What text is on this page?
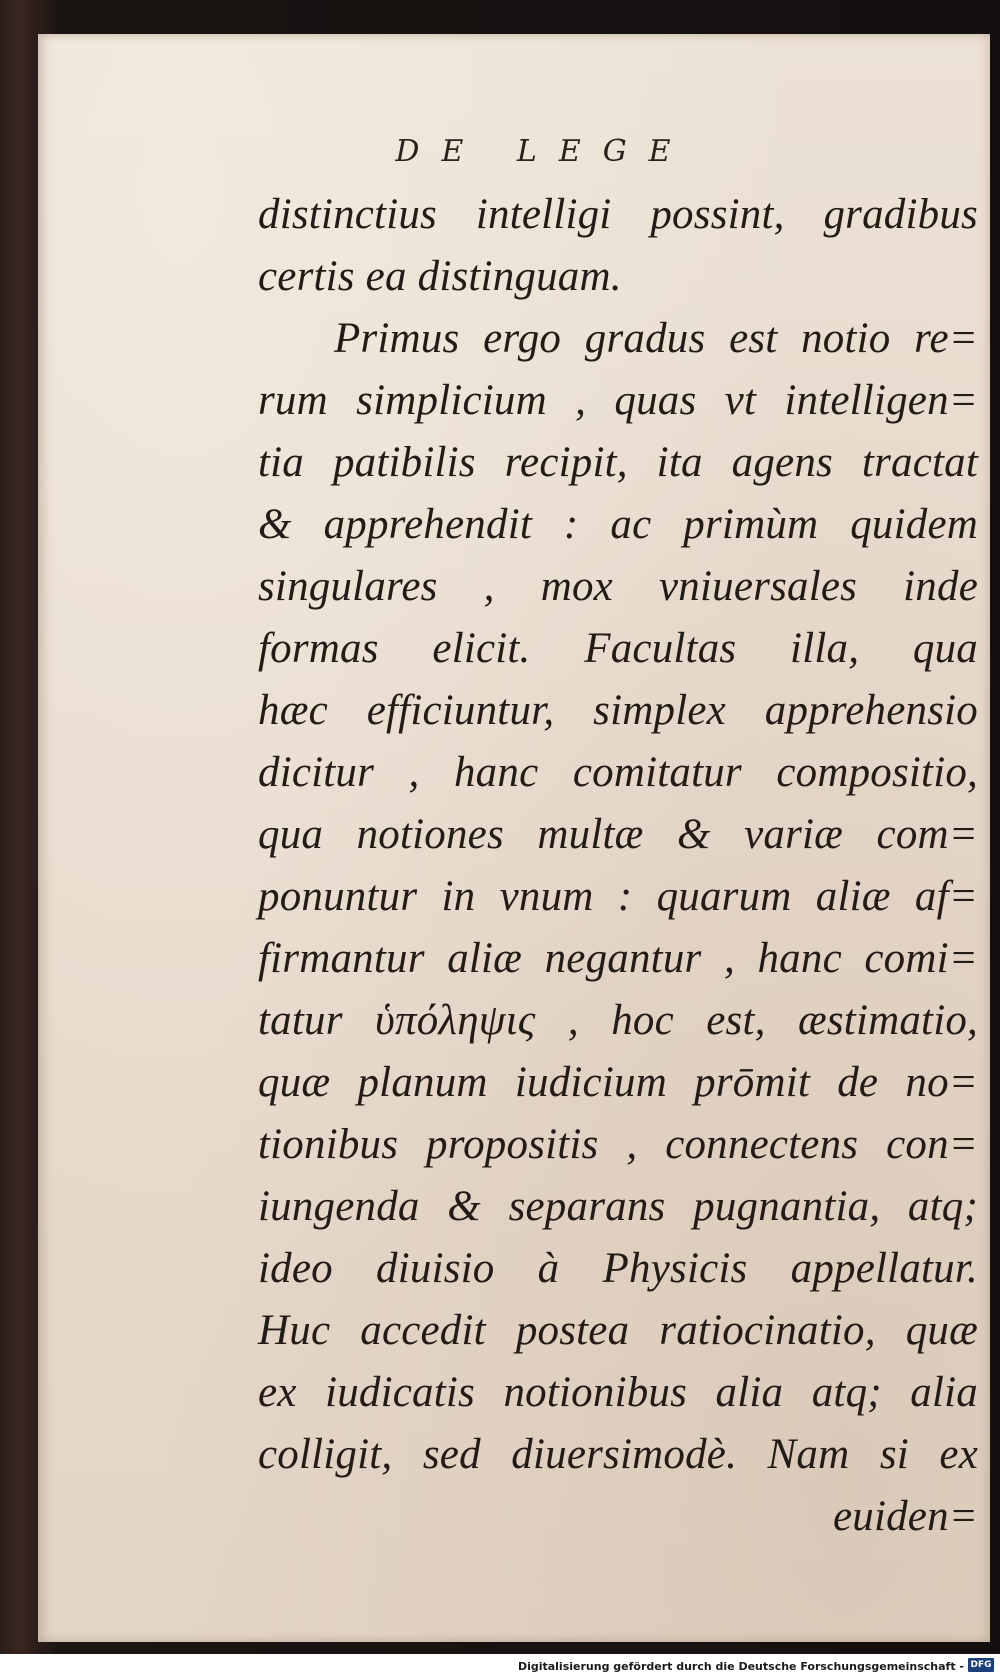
DE LEGE
distinctius intelligi possint, gradibus
certis ea distinguam.
Primus ergo gradus est notio re=
rum simplicium , quas vt intelligen=
tia patibilis recipit, ita agens tractat
& apprehendit : ac primùm quidem
singulares , mox vniuersales inde
formas elicit. Facultas illa, qua
hæc efficiuntur, simplex apprehensio
dicitur , hanc comitatur compositio,
qua notiones multæ & variæ com=
ponuntur in vnum : quarum aliæ af=
firmantur aliæ negantur , hanc comi=
tatur ὑπόληψις , hoc est, æstimatio,
quæ planum iudicium prōmit de no=
tionibus propositis , connectens con=
iungenda & separans pugnantia, atq;
ideo diuisio à Physicis appellatur.
Huc accedit postea ratiocinatio, quæ
ex iudicatis notionibus alia atq; alia
colligit, sed diuersimodè. Nam si ex
euiden=
Digitalisierung gefördert durch die Deutsche Forschungsgemeinschaft - DFG
